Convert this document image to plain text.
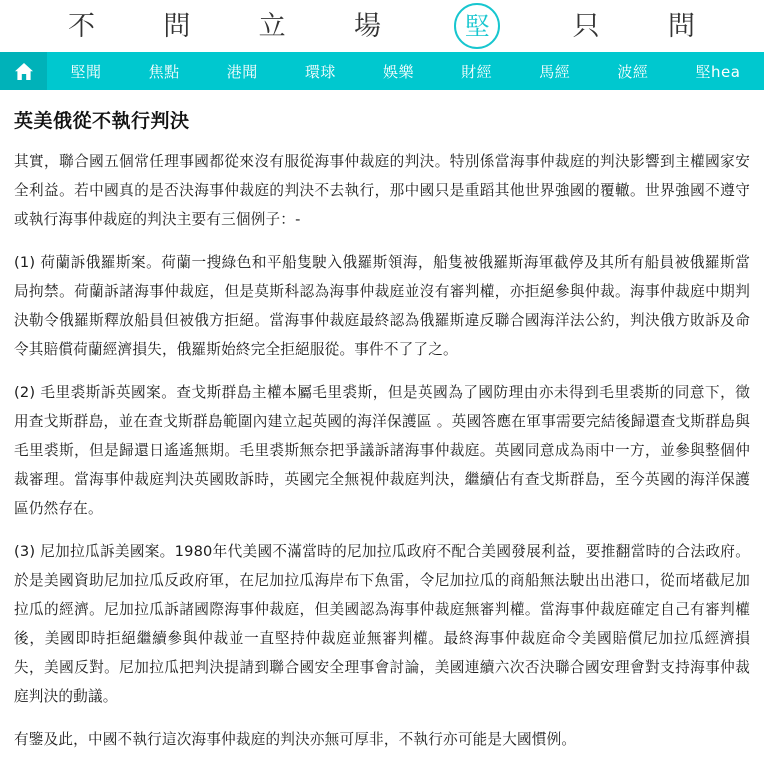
不 問 立 場	堅	只 問
堅聞	焦點	港聞	環球	娛樂	財經	馬經	波經	堅hea
英美俄從不執行判決

其實，聯合國五個常任理事國都從來沒有服從海事仲裁庭的判決。特別係當海事仲裁庭的判決影響到主權國家安全利益。若中國真的是否決海事仲裁庭的判決不去執行，那中國只是重蹈其他世界強國的覆轍。世界強國不遵守或執行海事仲裁庭的判決主要有三個例子：-

(1) 荷蘭訴俄羅斯案。荷蘭一搜綠色和平船隻駛入俄羅斯領海，船隻被俄羅斯海軍截停及其所有船員被俄羅斯當局拘禁。荷蘭訴諸海事仲裁庭，但是莫斯科認為海事仲裁庭並沒有審判權，亦拒絕參與仲裁。海事仲裁庭中期判決勒令俄羅斯釋放船員但被俄方拒絕。當海事仲裁庭最終認為俄羅斯違反聯合國海洋法公約，判決俄方敗訴及命令其賠償荷蘭經濟損失，俄羅斯始終完全拒絕服從。事件不了了之。

(2) 毛里裘斯訴英國案。查戈斯群島主權本屬毛里裘斯，但是英國為了國防理由亦未得到毛里裘斯的同意下，徵用查戈斯群島，並在查戈斯群島範圍內建立起英國的海洋保護區 。英國答應在軍事需要完結後歸還查戈斯群島與毛里裘斯，但是歸還日遙遙無期。毛里裘斯無奈把爭議訴諸海事仲裁庭。英國同意成為雨中一方，並參與整個仲裁審理。當海事仲裁庭判決英國敗訴時，英國完全無視仲裁庭判決，繼續佔有查戈斯群島，至今英國的海洋保護區仍然存在。

(3) 尼加拉瓜訴美國案。1980年代美國不滿當時的尼加拉瓜政府不配合美國發展利益，要推翻當時的合法政府。於是美國資助尼加拉瓜反政府軍，在尼加拉瓜海岸布下魚雷，令尼加拉瓜的商船無法駛出出港口，從而堵截尼加拉瓜的經濟。尼加拉瓜訴諸國際海事仲裁庭，但美國認為海事仲裁庭無審判權。當海事仲裁庭確定自己有審判權後，美國即時拒絕繼續參與仲裁並一直堅持仲裁庭並無審判權。最終海事仲裁庭命令美國賠償尼加拉瓜經濟損失，美國反對。尼加拉瓜把判決提請到聯合國安全理事會討論，美國連續六次否決聯合國安理會對支持海事仲裁庭判決的動議。

有鑒及此，中國不執行這次海事仲裁庭的判決亦無可厚非，不執行亦可能是大國慣例。
